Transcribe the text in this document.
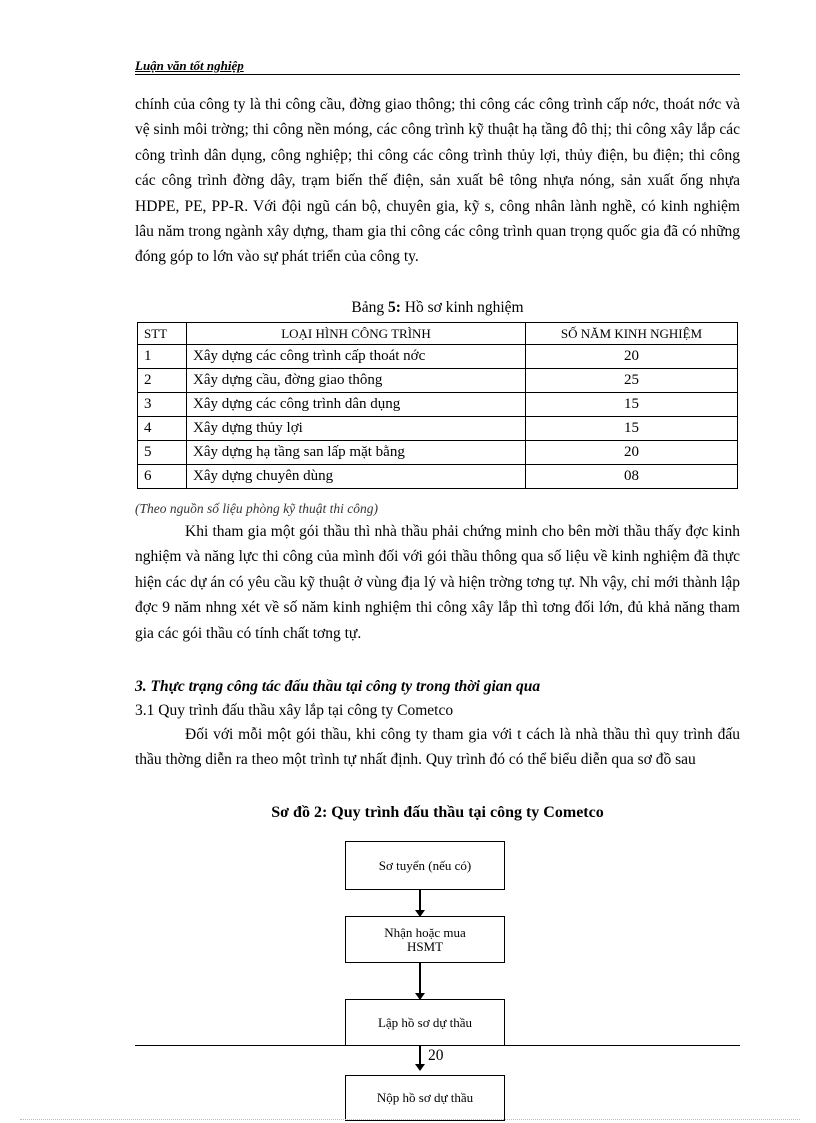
Luận văn tốt nghiệp

chính của công ty là thi công cầu, đờng giao thông; thi công các công trình cấp nớc, thoát nớc và vệ sinh môi trờng; thi công nền móng, các công trình kỹ thuật hạ tầng đô thị; thi công xây lắp các công trình dân dụng, công nghiệp; thi công các công trình thủy lợi, thủy điện, bu điện; thi công các công trình đờng dây, trạm biến thế điện, sản xuất bê tông nhựa nóng, sản xuất ống nhựa HDPE, PE, PP-R. Với đội ngũ cán bộ, chuyên gia, kỹ s, công nhân lành nghề, có kinh nghiệm lâu năm trong ngành xây dựng, tham gia thi công các công trình quan trọng quốc gia đã có những đóng góp to lớn vào sự phát triển của công ty.

Bảng 5: Hồ sơ kinh nghiệm
STT	LOẠI HÌNH CÔNG TRÌNH	SỐ NĂM KINH NGHIỆM
1	Xây dựng các công trình cấp thoát nớc	20
2	Xây dựng cầu, đờng giao thông	25
3	Xây dựng các công trình dân dụng	15
4	Xây dựng thủy lợi	15
5	Xây dựng hạ tầng san lấp mặt bằng	20
6	Xây dựng chuyên dùng	08
(Theo nguồn số liệu phòng kỹ thuật thi công)

Khi tham gia một gói thầu thì nhà thầu phải chứng minh cho bên mời thầu thấy đợc kinh nghiệm và năng lực thi công của mình đối với gói thầu thông qua số liệu về kinh nghiệm đã thực hiện các dự án có yêu cầu kỹ thuật ở vùng địa lý và hiện trờng tơng tự. Nh vậy, chỉ mới thành lập đợc 9 năm nhng xét về số năm kinh nghiệm thi công xây lắp thì tơng đối lớn, đủ khả năng tham gia các gói thầu có tính chất tơng tự.

3. Thực trạng công tác đấu thầu tại công ty trong thời gian qua
3.1 Quy trình đấu thầu xây lắp tại công ty Cometco

Đối với mỗi một gói thầu, khi công ty tham gia với t cách là nhà thầu thì quy trình đấu thầu thờng diễn ra theo một trình tự nhất định. Quy trình đó có thể biểu diễn qua sơ đồ sau

Sơ đồ 2: Quy trình đấu thầu tại công ty Cometco
Sơ tuyển (nếu có)
Nhận hoặc mua HSMT
Lập hồ sơ dự thầu
20
Nộp hồ sơ dự thầu
